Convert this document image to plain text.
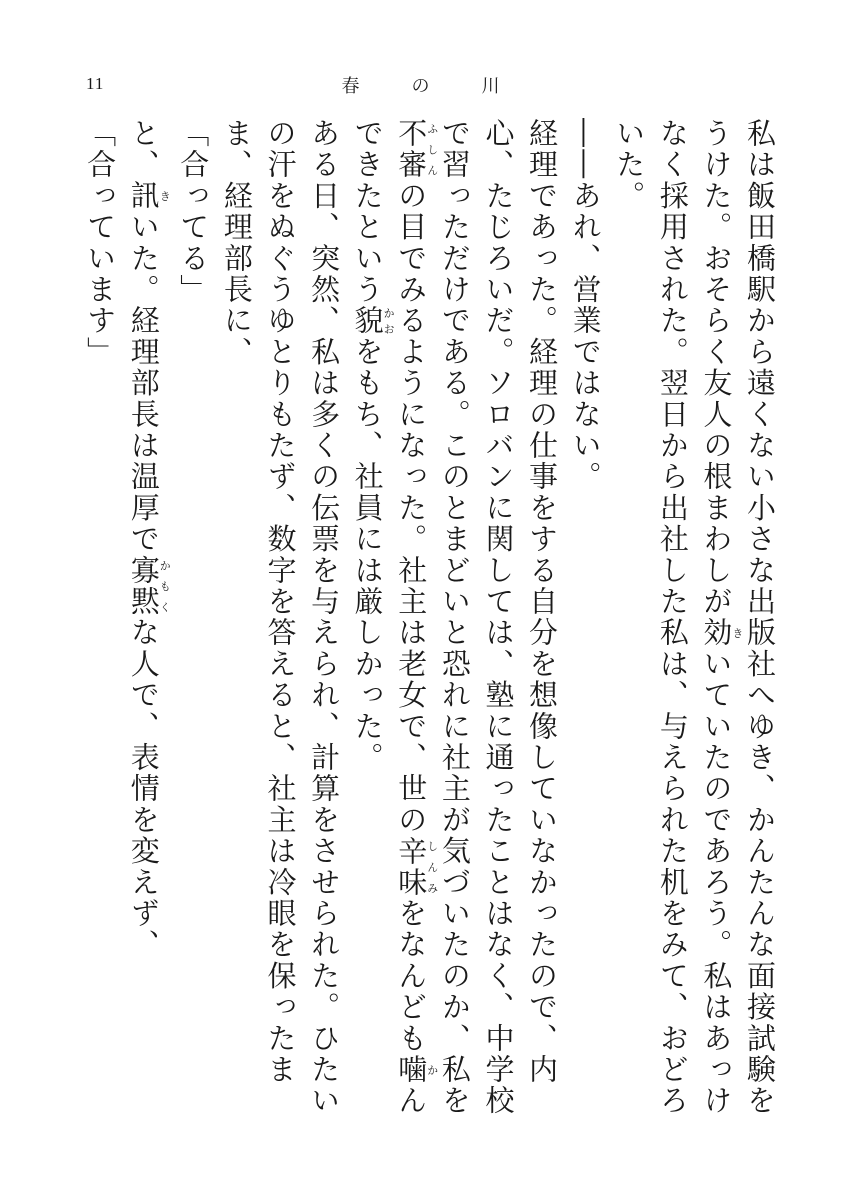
11	春の川

私は飯田橋駅から遠くない小さな出版社へゆき、かんたんな面接試験をうけた。おそらく友人の根まわしが効きいていたのであろう。私はあっけなく採用された。翌日から出社した私は、与えられた机をみて、おどろいた。

――あれ、営業ではない。

経理であった。経理の仕事をする自分を想像していなかったので、内心、たじろいだ。ソロバンに関しては、塾に通ったことはなく、中学校で習っただけである。このとまどいと恐れに社主が気づいたのか、私を不審ふしんの目でみるようになった。社主は老女で、世の辛味しんみをなんども噛かんできたという貌かおをもち、社員には厳しかった。

ある日、突然、私は多くの伝票を与えられ、計算をさせられた。ひたいの汗をぬぐうゆとりもたず、数字を答えると、社主は冷眼を保ったまま、経理部長に、

「合ってる」

と、訊きいた。経理部長は温厚で寡黙かもくな人で、表情を変えず、

「合っています」
